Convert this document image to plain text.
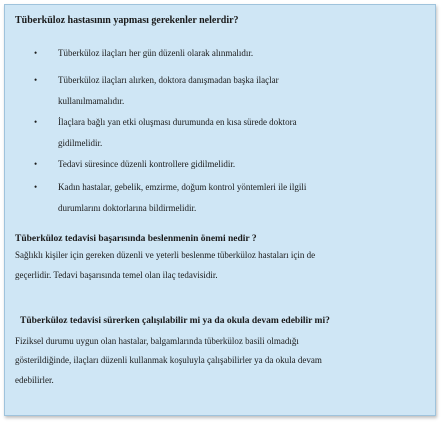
Tüberküloz hastasının yapması gerekenler nelerdir?
• Tüberküloz ilaçları her gün düzenli olarak alınmalıdır.
• Tüberküloz ilaçları alırken, doktora danışmadan başka ilaçlar
kullanılmamalıdır.
• İlaçlara bağlı yan etki oluşması durumunda en kısa sürede doktora
gidilmelidir.
• Tedavi süresince düzenli kontrollere gidilmelidir.
• Kadın hastalar, gebelik, emzirme, doğum kontrol yöntemleri ile ilgili
durumlarını doktorlarına bildirmelidir.
Tüberküloz tedavisi başarısında beslenmenin önemi nedir ?
Sağlıklı kişiler için gereken düzenli ve yeterli beslenme tüberküloz hastaları için de
geçerlidir. Tedavi başarısında temel olan ilaç tedavisidir.
Tüberküloz tedavisi sürerken çalışılabilir mi ya da okula devam edebilir mi?
Fiziksel durumu uygun olan hastalar, balgamlarında tüberküloz basili olmadığı
gösterildiğinde, ilaçları düzenli kullanmak koşuluyla çalışabilirler ya da okula devam
edebilirler.
